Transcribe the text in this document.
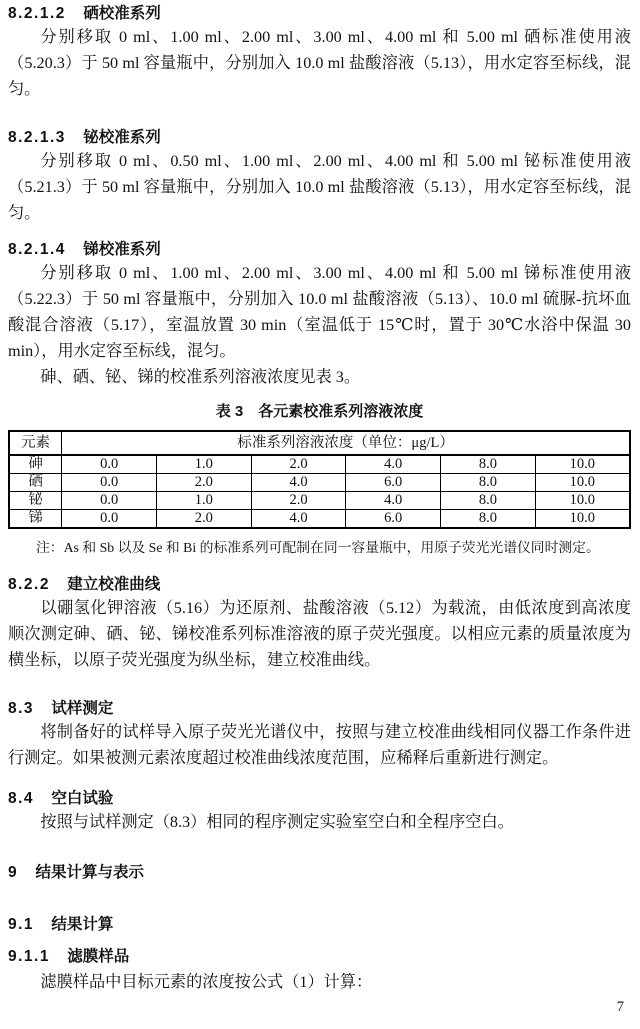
8.2.1.2 硒校准系列

分别移取 0 ml、1.00 ml、2.00 ml、3.00 ml、4.00 ml 和 5.00 ml 硒标准使用液（5.20.3）于 50 ml 容量瓶中，分别加入 10.0 ml 盐酸溶液（5.13），用水定容至标线，混匀。

8.2.1.3 铋校准系列

分别移取 0 ml、0.50 ml、1.00 ml、2.00 ml、4.00 ml 和 5.00 ml 铋标准使用液（5.21.3）于 50 ml 容量瓶中，分别加入 10.0 ml 盐酸溶液（5.13），用水定容至标线，混匀。

8.2.1.4 锑校准系列

分别移取 0 ml、1.00 ml、2.00 ml、3.00 ml、4.00 ml 和 5.00 ml 锑标准使用液（5.22.3）于 50 ml 容量瓶中，分别加入 10.0 ml 盐酸溶液（5.13）、10.0 ml 硫脲-抗坏血酸混合溶液（5.17），室温放置 30 min（室温低于 15℃时，置于 30℃水浴中保温 30 min），用水定容至标线，混匀。

砷、硒、铋、锑的校准系列溶液浓度见表 3。

表 3 各元素校准系列溶液浓度
元素	标准系列溶液浓度（单位：μg/L）					
砷	0.0	1.0	2.0	4.0	8.0	10.0
硒	0.0	2.0	4.0	6.0	8.0	10.0
铋	0.0	1.0	2.0	4.0	8.0	10.0
锑	0.0	2.0	4.0	6.0	8.0	10.0

注：As 和 Sb 以及 Se 和 Bi 的标准系列可配制在同一容量瓶中，用原子荧光光谱仪同时测定。

8.2.2 建立校准曲线

以硼氢化钾溶液（5.16）为还原剂、盐酸溶液（5.12）为载流，由低浓度到高浓度顺次测定砷、硒、铋、锑校准系列标准溶液的原子荧光强度。以相应元素的质量浓度为横坐标，以原子荧光强度为纵坐标，建立校准曲线。

8.3 试样测定

将制备好的试样导入原子荧光光谱仪中，按照与建立校准曲线相同仪器工作条件进行测定。如果被测元素浓度超过校准曲线浓度范围，应稀释后重新进行测定。

8.4 空白试验

按照与试样测定（8.3）相同的程序测定实验室空白和全程序空白。

9 结果计算与表示
9.1 结果计算
9.1.1 滤膜样品

滤膜样品中目标元素的浓度按公式（1）计算：

7
